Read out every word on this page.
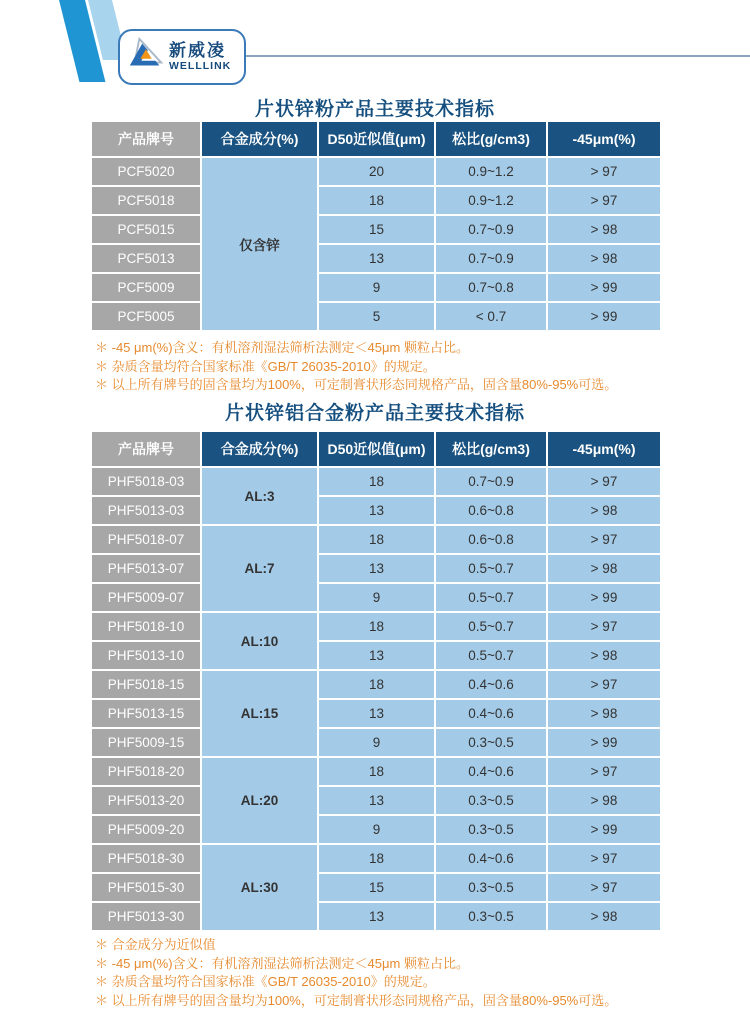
新威凌
WELLLINK
片状锌粉产品主要技术指标
产品牌号	合金成分(%)	D50近似值(μm)	松比(g/cm3)	-45μm(%)
PCF5020	仅含锌	20	0.9~1.2	> 97
PCF5018		18	0.9~1.2	> 97
PCF5015		15	0.7~0.9	> 98
PCF5013		13	0.7~0.9	> 98
PCF5009		9	0.7~0.8	> 99
PCF5005		5	< 0.7	> 99
＊ -45 μm(%)含义：有机溶剂湿法筛析法测定＜45μm 颗粒占比。
＊ 杂质含量均符合国家标准《GB/T 26035-2010》的规定。
＊ 以上所有牌号的固含量均为100%，可定制膏状形态同规格产品，固含量80%-95%可选。
片状锌铝合金粉产品主要技术指标
产品牌号	合金成分(%)	D50近似值(μm)	松比(g/cm3)	-45μm(%)
PHF5018-03	AL:3	18	0.7~0.9	> 97
PHF5013-03		13	0.6~0.8	> 98
PHF5018-07	AL:7	18	0.6~0.8	> 97
PHF5013-07		13	0.5~0.7	> 98
PHF5009-07		9	0.5~0.7	> 99
PHF5018-10	AL:10	18	0.5~0.7	> 97
PHF5013-10		13	0.5~0.7	> 98
PHF5018-15	AL:15	18	0.4~0.6	> 97
PHF5013-15		13	0.4~0.6	> 98
PHF5009-15		9	0.3~0.5	> 99
PHF5018-20	AL:20	18	0.4~0.6	> 97
PHF5013-20		13	0.3~0.5	> 98
PHF5009-20		9	0.3~0.5	> 99
PHF5018-30	AL:30	18	0.4~0.6	> 97
PHF5015-30		15	0.3~0.5	> 97
PHF5013-30		13	0.3~0.5	> 98
＊ 合金成分为近似值
＊ -45 μm(%)含义：有机溶剂湿法筛析法测定＜45μm 颗粒占比。
＊ 杂质含量均符合国家标准《GB/T 26035-2010》的规定。
＊ 以上所有牌号的固含量均为100%，可定制膏状形态同规格产品，固含量80%-95%可选。
